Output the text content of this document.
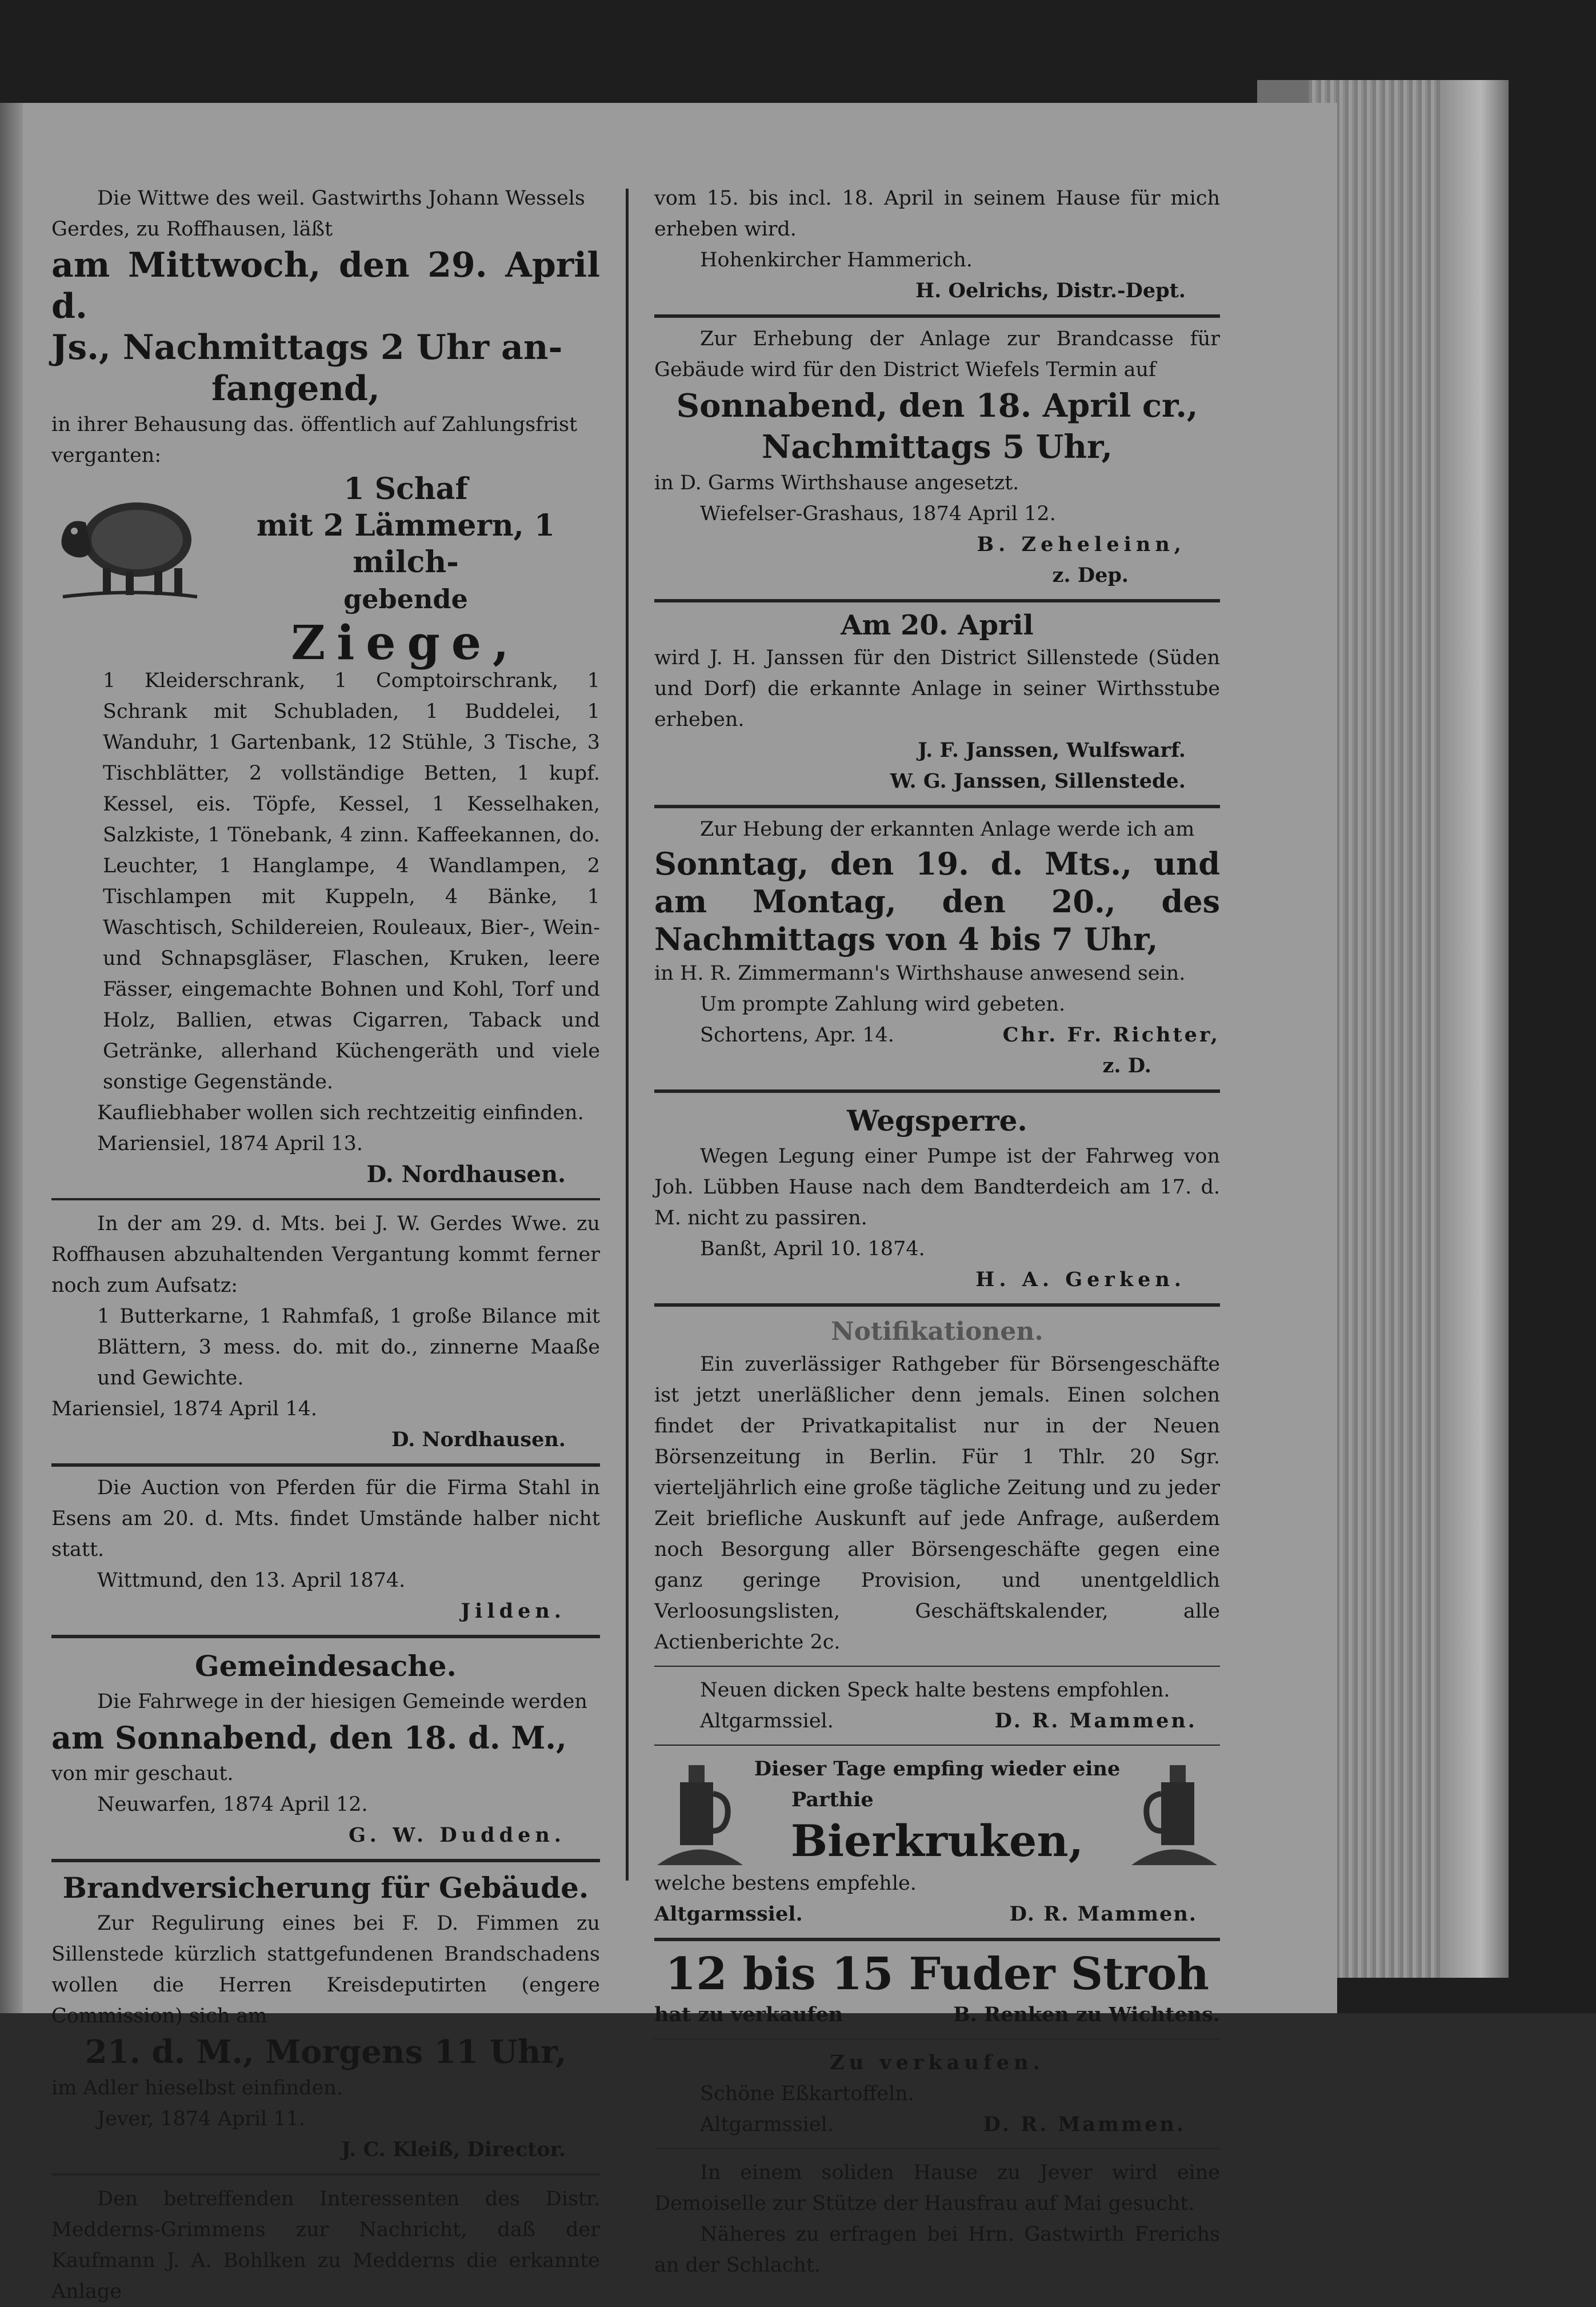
Die Wittwe des weil. Gastwirths Johann Wessels

Gerdes, zu Roffhausen, läßt

am Mittwoch, den 29. April d.

Js., Nachmittags 2 Uhr an-

fangend,

in ihrer Behausung das. öffentlich auf Zahlungsfrist

verganten:

1 Schaf

mit 2 Lämmern, 1 milch-

gebende

Ziege,

1 Kleiderschrank, 1 Comptoirschrank, 1 Schrank mit Schubladen, 1 Buddelei, 1 Wanduhr, 1 Gartenbank, 12 Stühle, 3 Tische, 3 Tischblätter, 2 vollständige Betten, 1 kupf. Kessel, eis. Töpfe, Kessel, 1 Kesselhaken, Salzkiste, 1 Tönebank, 4 zinn. Kaffeekannen, do. Leuchter, 1 Hanglampe, 4 Wandlampen, 2 Tischlampen mit Kuppeln, 4 Bänke, 1 Waschtisch, Schildereien, Rouleaux, Bier-, Wein- und Schnapsgläser, Flaschen, Kruken, leere Fässer, eingemachte Bohnen und Kohl, Torf und Holz, Ballien, etwas Cigarren, Taback und Getränke, allerhand Küchengeräth und viele sonstige Gegenstände.

Kaufliebhaber wollen sich rechtzeitig einfinden.

Mariensiel, 1874 April 13.

D. Nordhausen.

In der am 29. d. Mts. bei J. W. Gerdes Wwe. zu Roffhausen abzuhaltenden Vergantung kommt ferner noch zum Aufsatz:

1 Butterkarne, 1 Rahmfaß, 1 große Bilance mit Blättern, 3 mess. do. mit do., zinnerne Maaße und Gewichte.

Mariensiel, 1874 April 14.

D. Nordhausen.

Die Auction von Pferden für die Firma Stahl in Esens am 20. d. Mts. findet Umstände halber nicht statt.

Wittmund, den 13. April 1874.

Jilden.

Gemeindesache.

Die Fahrwege in der hiesigen Gemeinde werden

am Sonnabend, den 18. d. M.,

von mir geschaut.

Neuwarfen, 1874 April 12.

G. W. Dudden.

Brandversicherung für Gebäude.

Zur Regulirung eines bei F. D. Fimmen zu Sillenstede kürzlich stattgefundenen Brandschadens wollen die Herren Kreisdeputirten (engere Commission) sich am

21. d. M., Morgens 11 Uhr,

im Adler hieselbst einfinden.

Jever, 1874 April 11.

J. C. Kleiß, Director.

Den betreffenden Interessenten des Distr. Medderns-Grimmens zur Nachricht, daß der Kaufmann J. A. Bohlken zu Medderns die erkannte Anlage

vom 15. bis incl. 18. April in seinem Hause für mich erheben wird.

Hohenkircher Hammerich.

H. Oelrichs, Distr.-Dept.

Zur Erhebung der Anlage zur Brandcasse für Gebäude wird für den District Wiefels Termin auf

Sonnabend, den 18. April cr.,

Nachmittags 5 Uhr,

in D. Garms Wirthshause angesetzt.

Wiefelser-Grashaus, 1874 April 12.

B. Zeheleinn,

z. Dep.

Am 20. April

wird J. H. Janssen für den District Sillenstede (Süden und Dorf) die erkannte Anlage in seiner Wirthsstube erheben.

J. F. Janssen, Wulfswarf.

W. G. Janssen, Sillenstede.

Zur Hebung der erkannten Anlage werde ich am

Sonntag, den 19. d. Mts., und am Montag, den 20., des Nachmittags von 4 bis 7 Uhr,

in H. R. Zimmermann's Wirthshause anwesend sein.

Um prompte Zahlung wird gebeten.

Schortens, Apr. 14.	Chr. Fr. Richter,

z. D.

Wegsperre.

Wegen Legung einer Pumpe ist der Fahrweg von Joh. Lübben Hause nach dem Bandterdeich am 17. d. M. nicht zu passiren.

Banßt, April 10. 1874.

H. A. Gerken.

Notifikationen.

Ein zuverlässiger Rathgeber für Börsengeschäfte ist jetzt unerläßlicher denn jemals. Einen solchen findet der Privatkapitalist nur in der Neuen Börsenzeitung in Berlin. Für 1 Thlr. 20 Sgr. vierteljährlich eine große tägliche Zeitung und zu jeder Zeit briefliche Auskunft auf jede Anfrage, außerdem noch Besorgung aller Börsengeschäfte gegen eine ganz geringe Provision, und unentgeldlich Verloosungslisten, Geschäftskalender, alle Actienberichte 2c.

Neuen dicken Speck halte bestens empfohlen.

Altgarmssiel.	D. R. Mammen.

Dieser Tage empfing wieder eine

Parthie

Bierkruken,

welche bestens empfehle.

Altgarmssiel.	D. R. Mammen.

12 bis 15 Fuder Stroh

hat zu verkaufen	B. Renken zu Wichtens.

Zu verkaufen.

Schöne Eßkartoffeln.

Altgarmssiel.	D. R. Mammen.

In einem soliden Hause zu Jever wird eine Demoiselle zur Stütze der Hausfrau auf Mai gesucht.

Näheres zu erfragen bei Hrn. Gastwirth Frerichs an der Schlacht.
